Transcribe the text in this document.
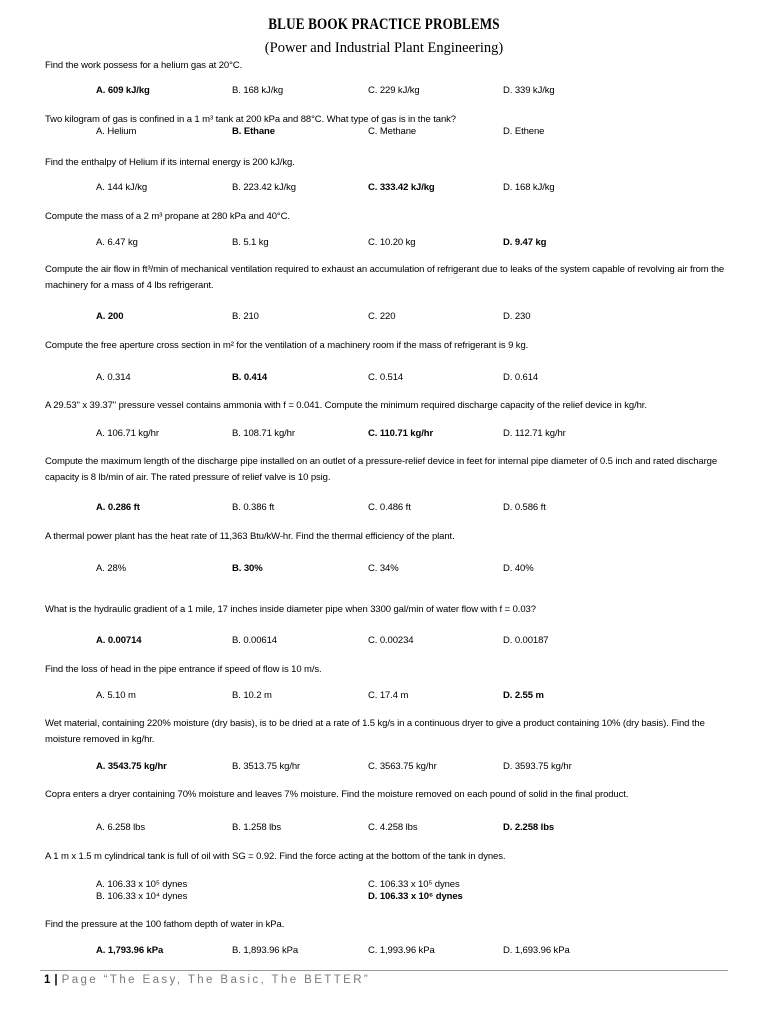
BLUE BOOK PRACTICE PROBLEMS
(Power and Industrial Plant Engineering)
Find the work possess for a helium gas at 20°C.
A. 609 kJ/kg	B. 168 kJ/kg	C. 229 kJ/kg	D. 339 kJ/kg
Two kilogram of gas is confined in a 1 m³ tank at 200 kPa and 88°C. What type of gas is in the tank?
A. Helium	B. Ethane	C. Methane	D. Ethene
Find the enthalpy of Helium if its internal energy is 200 kJ/kg.
A. 144 kJ/kg	B. 223.42 kJ/kg	C. 333.42 kJ/kg	D. 168 kJ/kg
Compute the mass of a 2 m³ propane at 280 kPa and 40°C.
A. 6.47 kg	B. 5.1 kg	C. 10.20 kg	D. 9.47 kg
Compute the air flow in ft³/min of mechanical ventilation required to exhaust an accumulation of refrigerant due to leaks of the system capable of revolving air from the machinery for a mass of 4 lbs refrigerant.
A. 200	B. 210	C. 220	D. 230
Compute the free aperture cross section in m² for the ventilation of a machinery room if the mass of refrigerant is 9 kg.
A. 0.314	B. 0.414	C. 0.514	D. 0.614
A 29.53" x 39.37" pressure vessel contains ammonia with f = 0.041. Compute the minimum required discharge capacity of the relief device in kg/hr.
A. 106.71 kg/hr	B. 108.71 kg/hr	C. 110.71 kg/hr	D. 112.71 kg/hr
Compute the maximum length of the discharge pipe installed on an outlet of a pressure-relief device in feet for internal pipe diameter of 0.5 inch and rated discharge capacity is 8 lb/min of air. The rated pressure of relief valve is 10 psig.
A. 0.286 ft	B. 0.386 ft	C. 0.486 ft	D. 0.586 ft
A thermal power plant has the heat rate of 11,363 Btu/kW-hr. Find the thermal efficiency of the plant.
A. 28%	B. 30%	C. 34%	D. 40%
What is the hydraulic gradient of a 1 mile, 17 inches inside diameter pipe when 3300 gal/min of water flow with f = 0.03?
A. 0.00714	B. 0.00614	C. 0.00234	D. 0.00187
Find the loss of head in the pipe entrance if speed of flow is 10 m/s.
A. 5.10 m	B. 10.2 m	C. 17.4 m	D. 2.55 m
Wet material, containing 220% moisture (dry basis), is to be dried at a rate of 1.5 kg/s in a continuous dryer to give a product containing 10% (dry basis). Find the moisture removed in kg/hr.
A. 3543.75 kg/hr	B. 3513.75 kg/hr	C. 3563.75 kg/hr	D. 3593.75 kg/hr
Copra enters a dryer containing 70% moisture and leaves 7% moisture. Find the moisture removed on each pound of solid in the final product.
A. 6.258 lbs	B. 1.258 lbs	C. 4.258 lbs	D. 2.258 lbs
A 1 m x 1.5 m cylindrical tank is full of oil with SG = 0.92. Find the force acting at the bottom of the tank in dynes.
A. 106.33 x 10⁵ dynes
B. 106.33 x 10⁴ dynes
C. 106.33 x 10⁵ dynes
D. 106.33 x 10⁶ dynes
Find the pressure at the 100 fathom depth of water in kPa.
A. 1,793.96 kPa	B. 1,893.96 kPa	C. 1,993.96 kPa	D. 1,693.96 kPa
1 | Page “The Easy, The Basic, The BETTER”
